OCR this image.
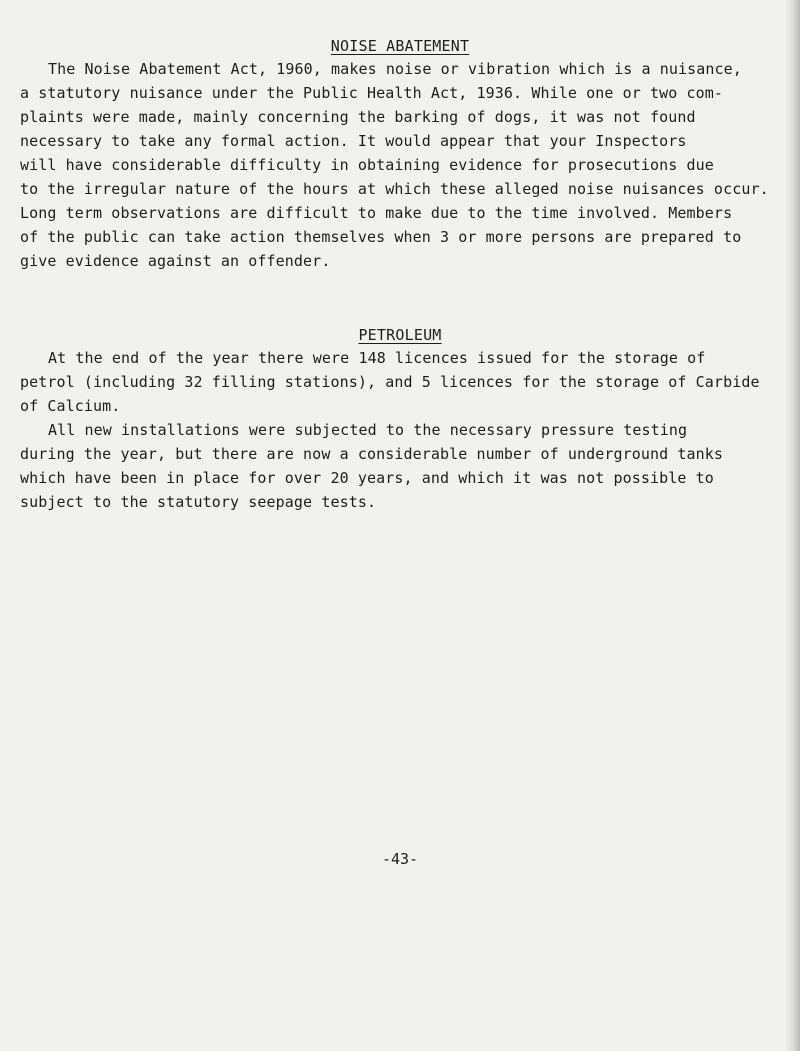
NOISE ABATEMENT
The Noise Abatement Act, 1960, makes noise or vibration which is a nuisance,
a statutory nuisance under the Public Health Act, 1936. While one or two com-
plaints were made, mainly concerning the barking of dogs, it was not found
necessary to take any formal action. It would appear that your Inspectors
will have considerable difficulty in obtaining evidence for prosecutions due
to the irregular nature of the hours at which these alleged noise nuisances occur.
Long term observations are difficult to make due to the time involved. Members
of the public can take action themselves when 3 or more persons are prepared to
give evidence against an offender.
PETROLEUM
At the end of the year there were 148 licences issued for the storage of
petrol (including 32 filling stations), and 5 licences for the storage of Carbide
of Calcium.
All new installations were subjected to the necessary pressure testing
during the year, but there are now a considerable number of underground tanks
which have been in place for over 20 years, and which it was not possible to
subject to the statutory seepage tests.
-43-
